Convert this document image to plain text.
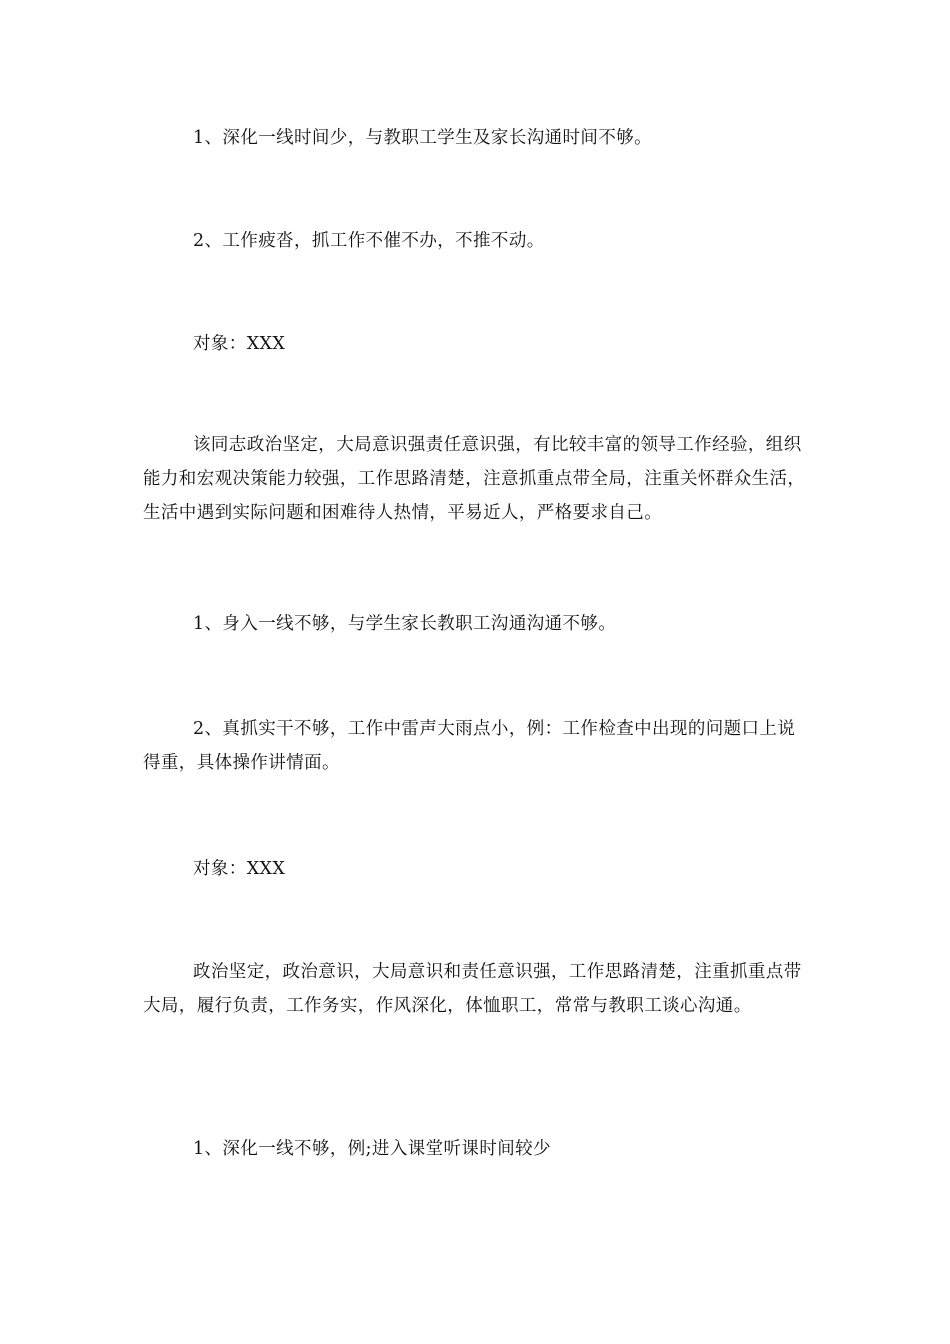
1、深化一线时间少，与教职工学生及家长沟通时间不够。

2、工作疲沓，抓工作不催不办，不推不动。

对象：XXX

该同志政治坚定，大局意识强责任意识强，有比较丰富的领导工作经验，组织能力和宏观决策能力较强，工作思路清楚，注意抓重点带全局，注重关怀群众生活，生活中遇到实际问题和困难待人热情，平易近人，严格要求自己。

1、身入一线不够，与学生家长教职工沟通沟通不够。

2、真抓实干不够，工作中雷声大雨点小，例：工作检查中出现的问题口上说得重，具体操作讲情面。

对象：XXX

政治坚定，政治意识，大局意识和责任意识强，工作思路清楚，注重抓重点带大局，履行负责，工作务实，作风深化，体恤职工，常常与教职工谈心沟通。

1、深化一线不够，例;进入课堂听课时间较少
